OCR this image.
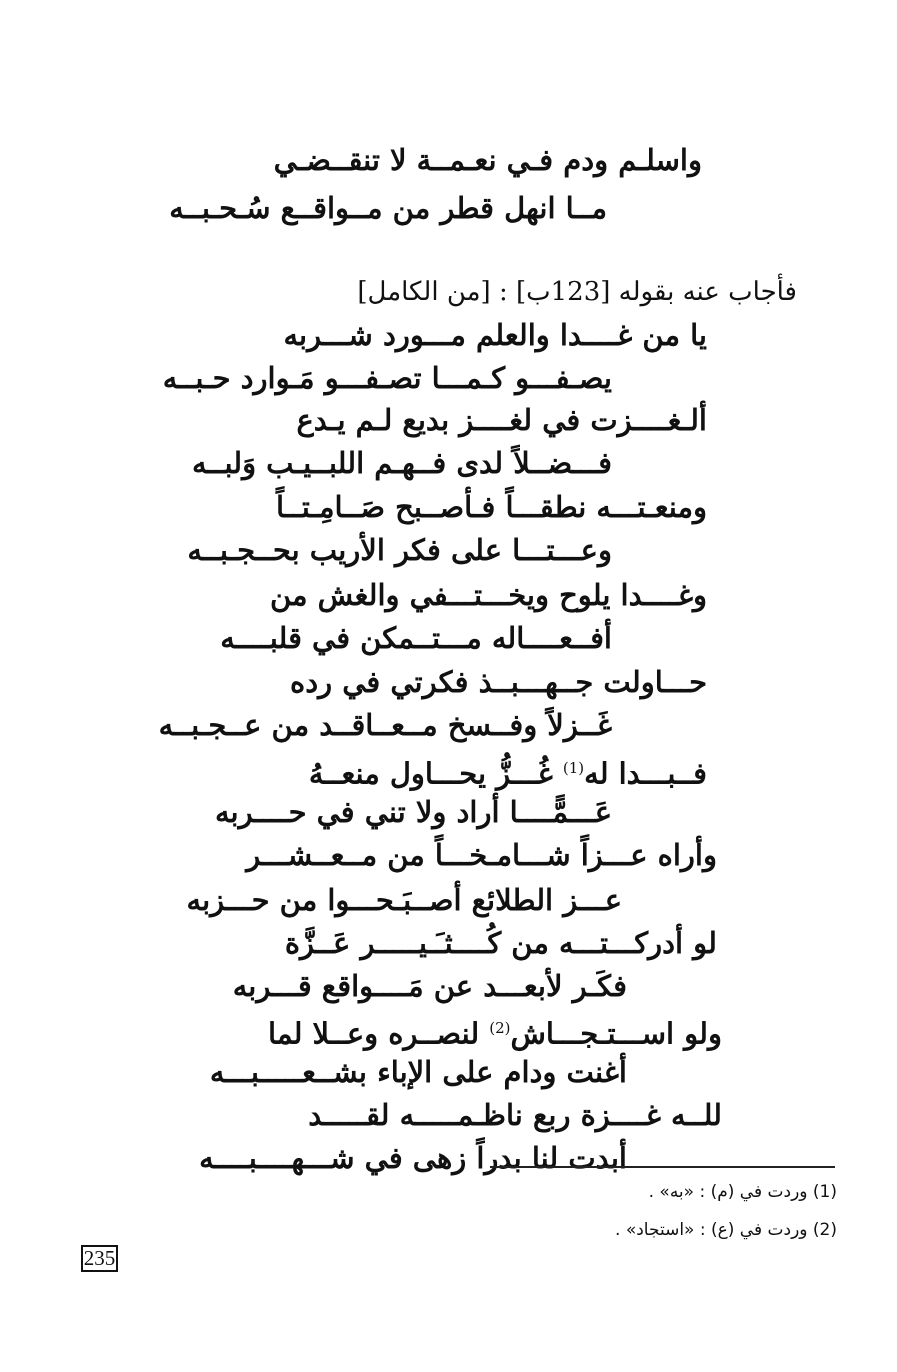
واسلـم ودم فـي نعـمــة لا تنقــضـي
مــا انهل قطر من مــواقــع سُـحـبــه
فأجاب عنه بقوله [123ب] : [من الكامل]
يا من غــــدا والعلم مـــورد شـــربه
يصـفـــو كـمـــا تصـفـــو مَـوارد حـبــه
ألـغــــزت في لغــــز بديع لـم يـدع
فـــضــلاً لدى فــهـم اللبــيـب وَلبــه
ومنعـتـــه نطقـــاً فـأصــبح صَــامِـتــاً
وعـــتـــا على فكر الأريب بحــجـبــه
وغــــدا يلوح ويخـــتـــفي والغش من
أفــعــــاله مـــتــمكن في قلبــــه
حـــاولت جــهـــبــذ فكرتي في رده
غَــزلاً وفــسخ مــعــاقــد من عــجـبــه
فــبـــدا له$^{(1)}$ غُـــزُّ يحـــاول منعــهُ
عَـــمًّــــا أراد ولا تني في حــــربه
وأراه عـــزاً شـــامـخـــاً من مــعــشـــر
عـــز الطلائع أصــبَـحـــوا من حـــزبه
لو أدركـــتـــه من كُــــثـَـيـــــر عَــزَّة
فكَـر لأبعـــد عن مَــــواقع قـــربه
ولو اســـتـجـــاش$^{(2)}$ لنصــره وعــلا لما
أغنت ودام على الإباء بشــعـــــبـــه
للــه غــــزة ربع ناظـمـــــه لقـــــد
أبدت لنا بدراً زهى في شـــهــــبــــه
(1) وردت في (م) : «به» .
(2) وردت في (ع) : «استجاد» .
235
